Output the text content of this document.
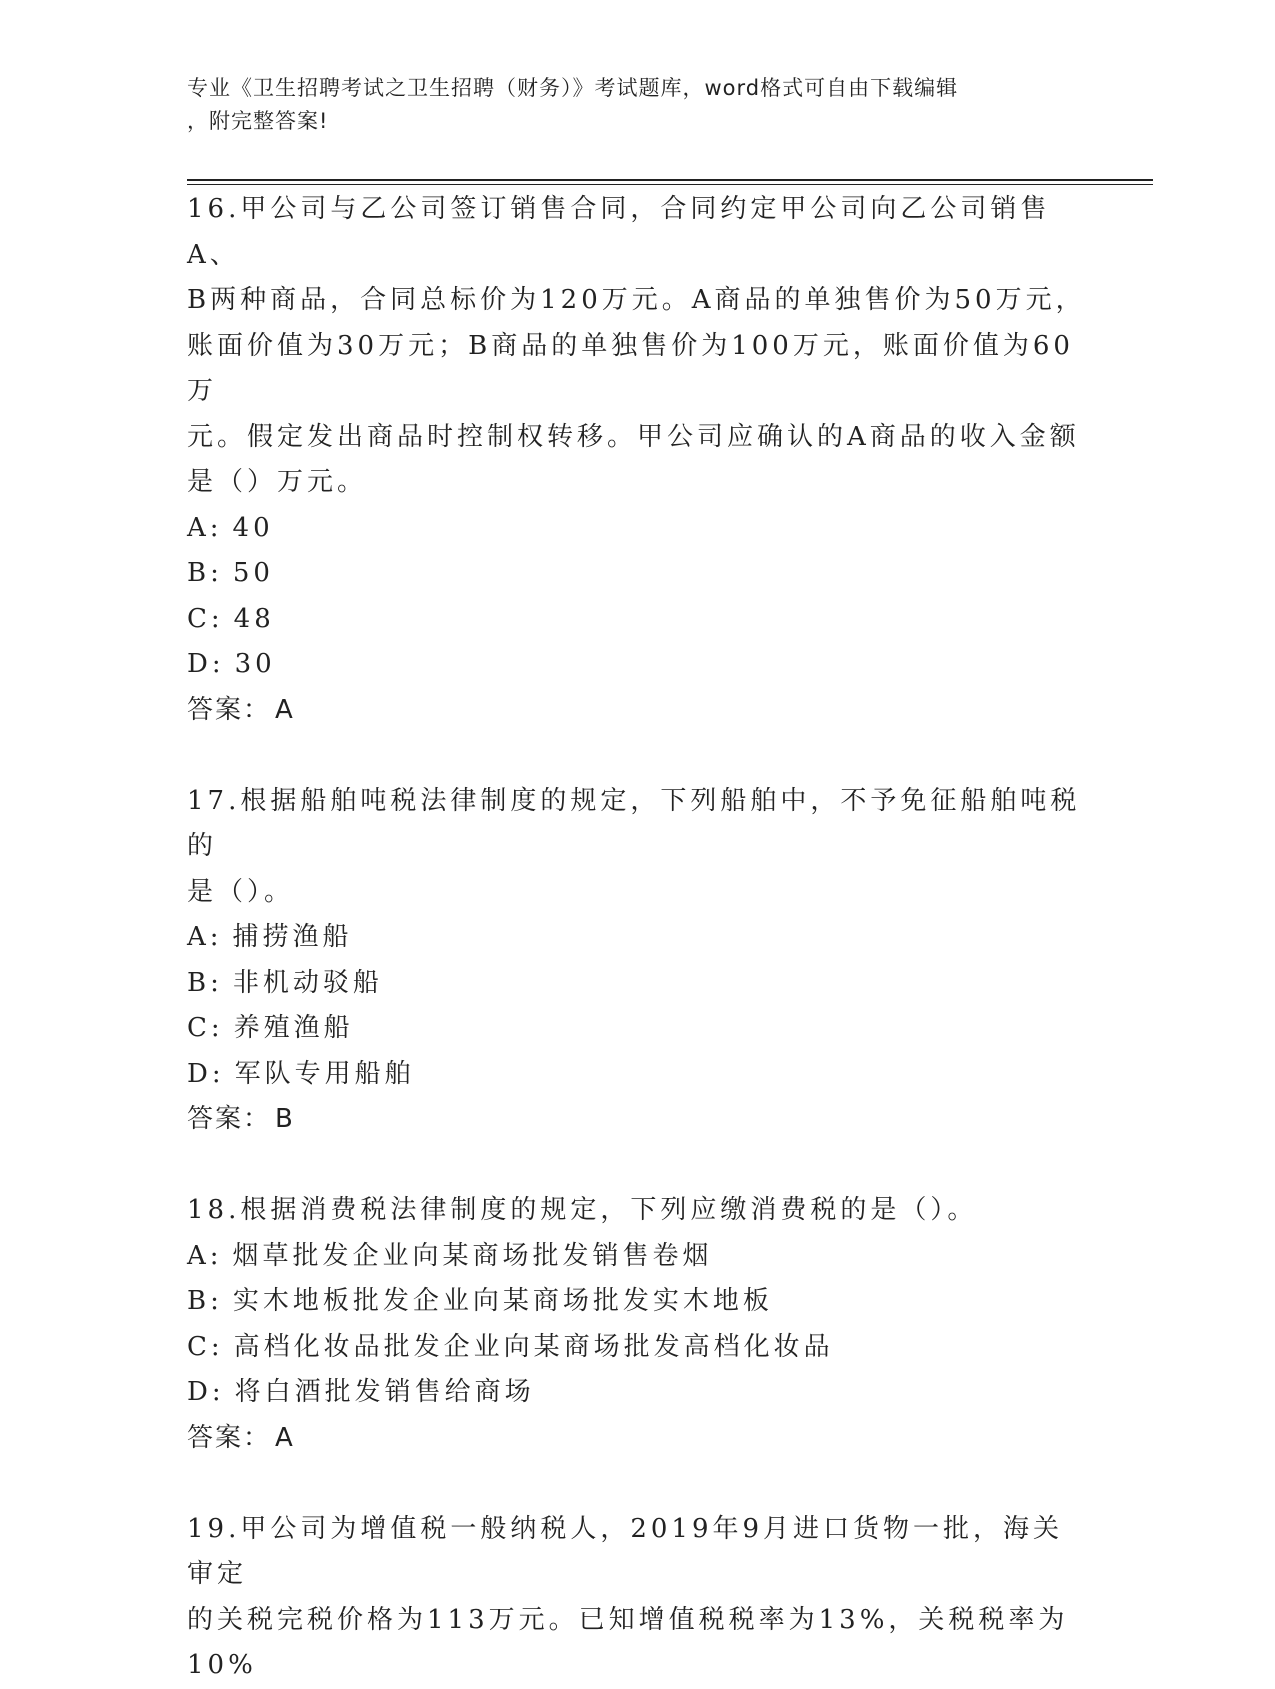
专业《卫生招聘考试之卫生招聘（财务）》考试题库，word格式可自由下载编辑
，附完整答案!

16.甲公司与乙公司签订销售合同，合同约定甲公司向乙公司销售A、

B两种商品，合同总标价为120万元。A商品的单独售价为50万元，

账面价值为30万元；B商品的单独售价为100万元，账面价值为60万

元。假定发出商品时控制权转移。甲公司应确认的A商品的收入金额

是（）万元。

A: 40
B: 50
C: 48
D: 30

答案： A

17.根据船舶吨税法律制度的规定，下列船舶中，不予免征船舶吨税的

是（）。

A: 捕捞渔船
B: 非机动驳船
C: 养殖渔船
D: 军队专用船舶

答案： B

18.根据消费税法律制度的规定，下列应缴消费税的是（）。

A: 烟草批发企业向某商场批发销售卷烟
B: 实木地板批发企业向某商场批发实木地板
C: 高档化妆品批发企业向某商场批发高档化妆品
D: 将白酒批发销售给商场

答案： A

19.甲公司为增值税一般纳税人，2019年9月进口货物一批，海关审定

的关税完税价格为113万元。已知增值税税率为13%，关税税率为10%
